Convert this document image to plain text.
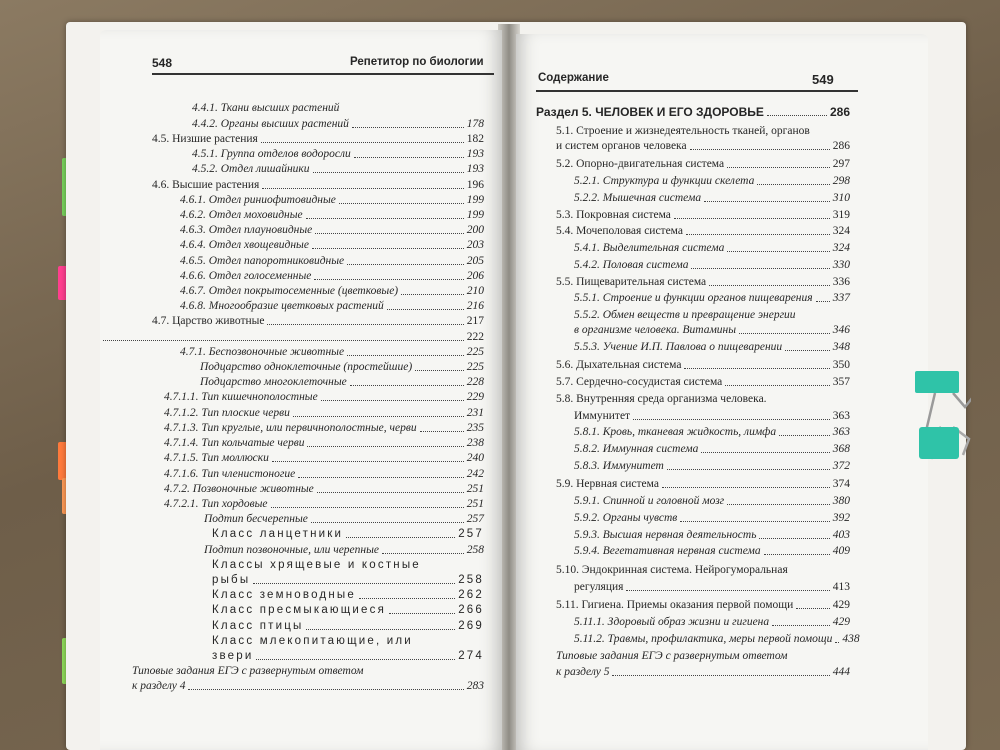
548	Репетитор по биологии
4.4.1. Ткани высших растений
4.4.2. Органы высших растений	178
4.5. Низшие растения	182
4.5.1. Группа отделов водоросли	193
4.5.2. Отдел лишайники	193
4.6. Высшие растения	196
4.6.1. Отдел риниофитовидные	199
4.6.2. Отдел моховидные	199
4.6.3. Отдел плауновидные	200
4.6.4. Отдел хвощевидные	203
4.6.5. Отдел папоротниковидные	205
4.6.6. Отдел голосеменные	206
4.6.7. Отдел покрытосеменные (цветковые)	210
4.6.8. Многообразие цветковых растений	216
4.7. Царство животные	217
222
4.7.1. Беспозвоночные животные	225
Подцарство одноклеточные (простейшие)	225
Подцарство многоклеточные	228
4.7.1.1. Тип кишечнополостные	229
4.7.1.2. Тип плоские черви	231
4.7.1.3. Тип круглые, или первичнополостные, черви	235
4.7.1.4. Тип кольчатые черви	238
4.7.1.5. Тип моллюски	240
4.7.1.6. Тип членистоногие	242
4.7.2. Позвоночные животные	251
4.7.2.1. Тип хордовые	251
Подтип бесчерепные	257
Класс ланцетники	257
Подтип позвоночные, или черепные	258
Классы хрящевые и костные
рыбы	258
Класс земноводные	262
Класс пресмыкающиеся	266
Класс птицы	269
Класс млекопитающие, или
звери	274
Типовые задания ЕГЭ с развернутым ответом
к разделу 4	283
Содержание	549
Раздел 5. ЧЕЛОВЕК И ЕГО ЗДОРОВЬЕ	286
5.1. Строение и жизнедеятельность тканей, органов
и систем органов человека	286
5.2. Опорно-двигательная система	297
5.2.1. Структура и функции скелета	298
5.2.2. Мышечная система	310
5.3. Покровная система	319
5.4. Мочеполовая система	324
5.4.1. Выделительная система	324
5.4.2. Половая система	330
5.5. Пищеварительная система	336
5.5.1. Строение и функции органов пищеварения 337
5.5.2. Обмен веществ и превращение энергии
в организме человека. Витамины	346
5.5.3. Учение И.П. Павлова о пищеварении	348
5.6. Дыхательная система	350
5.7. Сердечно-сосудистая система	357
5.8. Внутренняя среда организма человека.
Иммунитет	363
5.8.1. Кровь, тканевая жидкость, лимфа	363
5.8.2. Иммунная система	368
5.8.3. Иммунитет	372
5.9. Нервная система	374
5.9.1. Спинной и головной мозг	380
5.9.2. Органы чувств	392
5.9.3. Высшая нервная деятельность	403
5.9.4. Вегетативная нервная система	409
5.10. Эндокринная система. Нейрогуморальная
регуляция	413
5.11. Гигиена. Приемы оказания первой помощи	429
5.11.1. Здоровый образ жизни и гигиена	429
5.11.2. Травмы, профилактика, меры первой помощи 438
Типовые задания ЕГЭ с развернутым ответом
к разделу 5	444
